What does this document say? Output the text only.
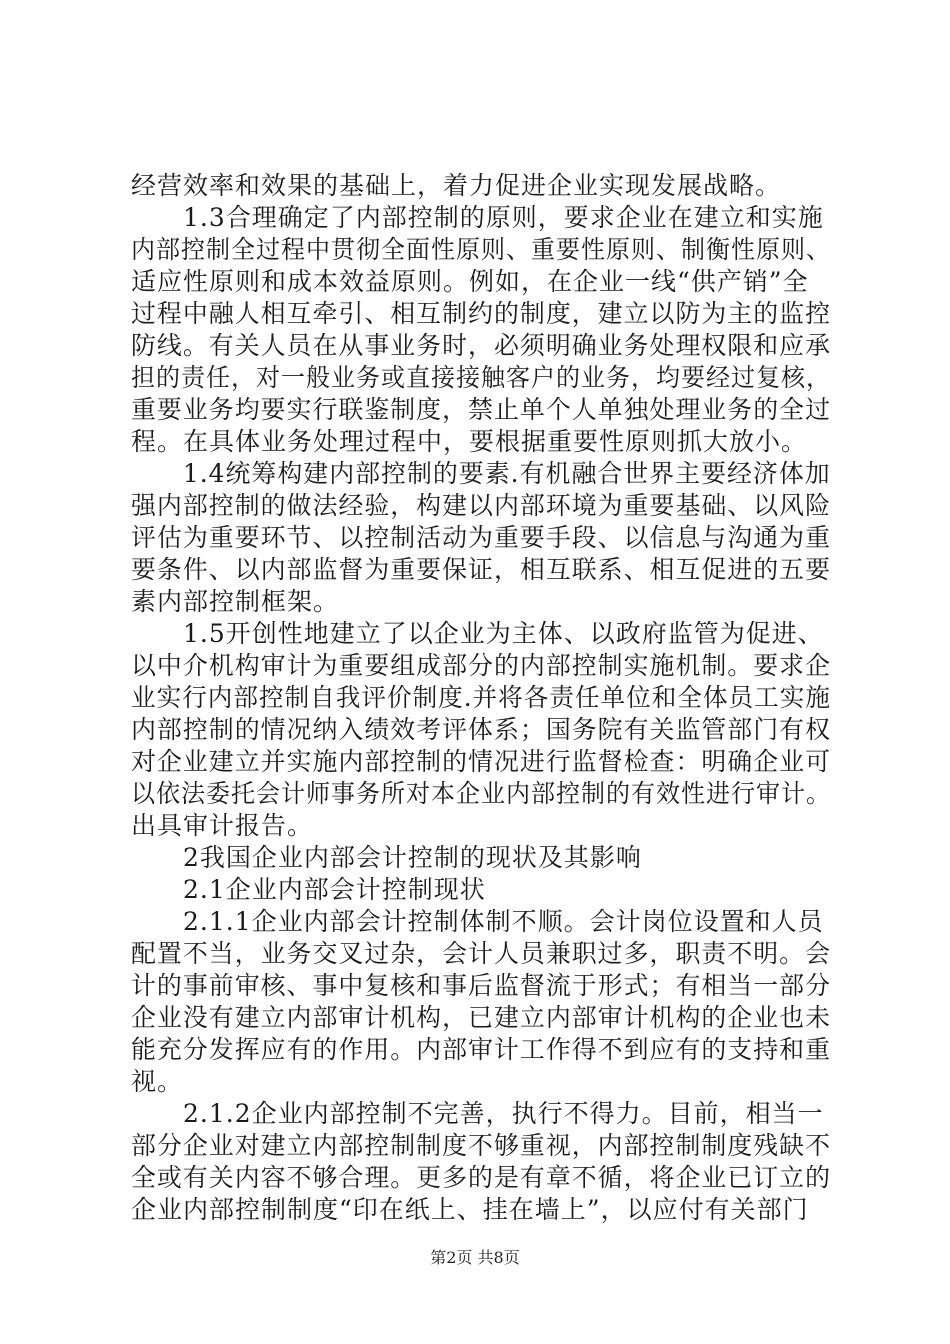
经营效率和效果的基础上，着力促进企业实现发展战略。
　　1.3合理确定了内部控制的原则，要求企业在建立和实施
内部控制全过程中贯彻全面性原则、重要性原则、制衡性原则、
适应性原则和成本效益原则。例如，在企业一线“供产销”全
过程中融人相互牵引、相互制约的制度，建立以防为主的监控
防线。有关人员在从事业务时，必须明确业务处理权限和应承
担的责任，对一般业务或直接接触客户的业务，均要经过复核，
重要业务均要实行联鉴制度，禁止单个人单独处理业务的全过
程。在具体业务处理过程中，要根据重要性原则抓大放小。
　　1.4统筹构建内部控制的要素.有机融合世界主要经济体加
强内部控制的做法经验，构建以内部环境为重要基础、以风险
评估为重要环节、以控制活动为重要手段、以信息与沟通为重
要条件、以内部监督为重要保证，相互联系、相互促进的五要
素内部控制框架。
　　1.5开创性地建立了以企业为主体、以政府监管为促进、
以中介机构审计为重要组成部分的内部控制实施机制。要求企
业实行内部控制自我评价制度.并将各责任单位和全体员工实施
内部控制的情况纳入绩效考评体系；国务院有关监管部门有权
对企业建立并实施内部控制的情况进行监督检查：明确企业可
以依法委托会计师事务所对本企业内部控制的有效性进行审计。
出具审计报告。
　　2我国企业内部会计控制的现状及其影响
　　2.1企业内部会计控制现状
　　2.1.1企业内部会计控制体制不顺。会计岗位设置和人员
配置不当，业务交叉过杂，会计人员兼职过多，职责不明。会
计的事前审核、事中复核和事后监督流于形式；有相当一部分
企业没有建立内部审计机构，已建立内部审计机构的企业也未
能充分发挥应有的作用。内部审计工作得不到应有的支持和重
视。
　　2.1.2企业内部控制不完善，执行不得力。目前，相当一
部分企业对建立内部控制制度不够重视，内部控制制度残缺不
全或有关内容不够合理。更多的是有章不循，将企业已订立的
企业内部控制制度“印在纸上、挂在墙上”，以应付有关部门
第2页 共8页
